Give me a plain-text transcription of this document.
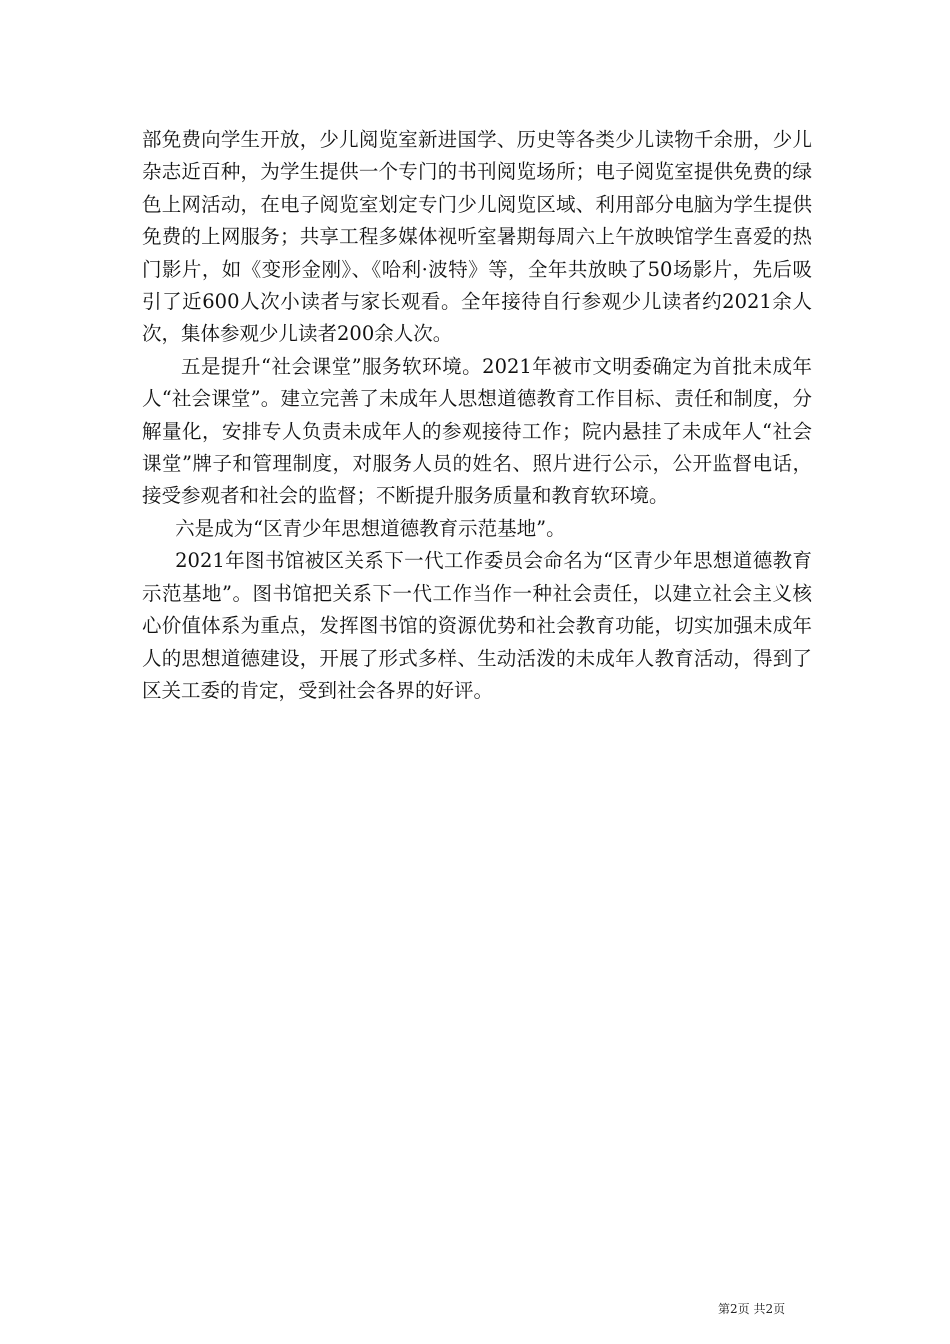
部免费向学生开放，少儿阅览室新进国学、历史等各类少儿读物千余册，少儿杂志近百种，为学生提供一个专门的书刊阅览场所；电子阅览室提供免费的绿色上网活动，在电子阅览室划定专门少儿阅览区域、利用部分电脑为学生提供免费的上网服务；共享工程多媒体视听室暑期每周六上午放映馆学生喜爱的热门影片，如《变形金刚》、《哈利·波特》等，全年共放映了50场影片，先后吸引了近600人次小读者与家长观看。全年接待自行参观少儿读者约2021余人次，集体参观少儿读者200余人次。

五是提升“社会课堂”服务软环境。2021年被市文明委确定为首批未成年人“社会课堂”。建立完善了未成年人思想道德教育工作目标、责任和制度，分解量化，安排专人负责未成年人的参观接待工作；院内悬挂了未成年人“社会课堂”牌子和管理制度，对服务人员的姓名、照片进行公示，公开监督电话，接受参观者和社会的监督；不断提升服务质量和教育软环境。

六是成为“区青少年思想道德教育示范基地”。

2021年图书馆被区关系下一代工作委员会命名为“区青少年思想道德教育示范基地”。图书馆把关系下一代工作当作一种社会责任，以建立社会主义核心价值体系为重点，发挥图书馆的资源优势和社会教育功能，切实加强未成年人的思想道德建设，开展了形式多样、生动活泼的未成年人教育活动，得到了区关工委的肯定，受到社会各界的好评。

第2页 共2页
